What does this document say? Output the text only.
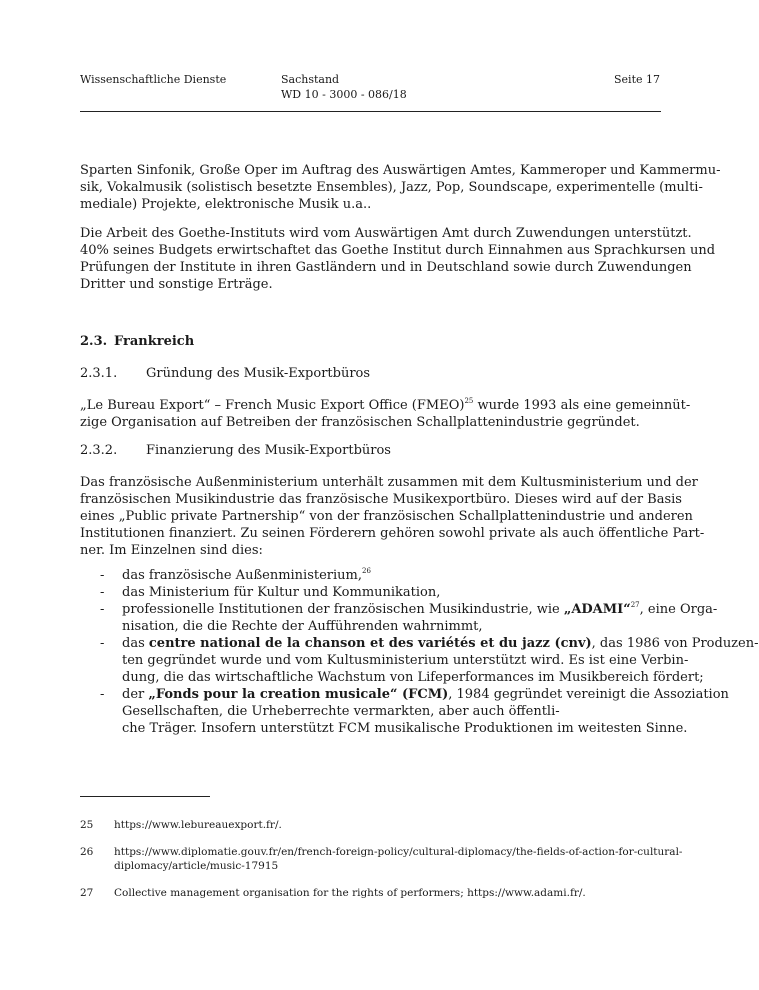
Wissenschaftliche Dienste	Sachstand
WD 10 - 3000 - 086/18
Seite 17
Sparten Sinfonik, Große Oper im Auftrag des Auswärtigen Amtes, Kammeroper und Kammermu-
sik, Vokalmusik (solistisch besetzte Ensembles), Jazz, Pop, Soundscape, experimentelle (multi-
mediale) Projekte, elektronische Musik u.a..
Die Arbeit des Goethe-Instituts wird vom Auswärtigen Amt durch Zuwendungen unterstützt.
40% seines Budgets erwirtschaftet das Goethe Institut durch Einnahmen aus Sprachkursen und
Prüfungen der Institute in ihren Gastländern und in Deutschland sowie durch Zuwendungen
Dritter und sonstige Erträge.
2.3. Frankreich
2.3.1. Gründung des Musik-Exportbüros
„Le Bureau Export“ – French Music Export Office (FMEO)$^{25}$ wurde 1993 als eine gemeinnüt-
zige Organisation auf Betreiben der französischen Schallplattenindustrie gegründet.
2.3.2. Finanzierung des Musik-Exportbüros
Das französische Außenministerium unterhält zusammen mit dem Kultusministerium und der
französischen Musikindustrie das französische Musikexportbüro. Dieses wird auf der Basis
eines „Public private Partnership“ von der französischen Schallplattenindustrie und anderen
Institutionen finanziert. Zu seinen Förderern gehören sowohl private als auch öffentliche Part-
ner. Im Einzelnen sind dies:
- das französische Außenministerium,$^{26}$
- das Ministerium für Kultur und Kommunikation,
- professionelle Institutionen der französischen Musikindustrie, wie „ADAMI“$^{27}$, eine Orga-
nisation, die die Rechte der Aufführenden wahrnimmt,
- das centre national de la chanson et des variétés et du jazz (cnv), das 1986 von Produzen-
ten gegründet wurde und vom Kultusministerium unterstützt wird. Es ist eine Verbin-
dung, die das wirtschaftliche Wachstum von Lifeperformances im Musikbereich fördert;
- der „Fonds pour la creation musicale“ (FCM), 1984 gegründet vereinigt die Assoziation
Gesellschaften, die Urheberrechte vermarkten, aber auch öffentli-
che Träger. Insofern unterstützt FCM musikalische Produktionen im weitesten Sinne.
25 https://www.lebureauexport.fr/.
26 https://www.diplomatie.gouv.fr/en/french-foreign-policy/cultural-diplomacy/the-fields-of-action-for-cultural-
diplomacy/article/music-17915
27 Collective management organisation for the rights of performers; https://www.adami.fr/.
